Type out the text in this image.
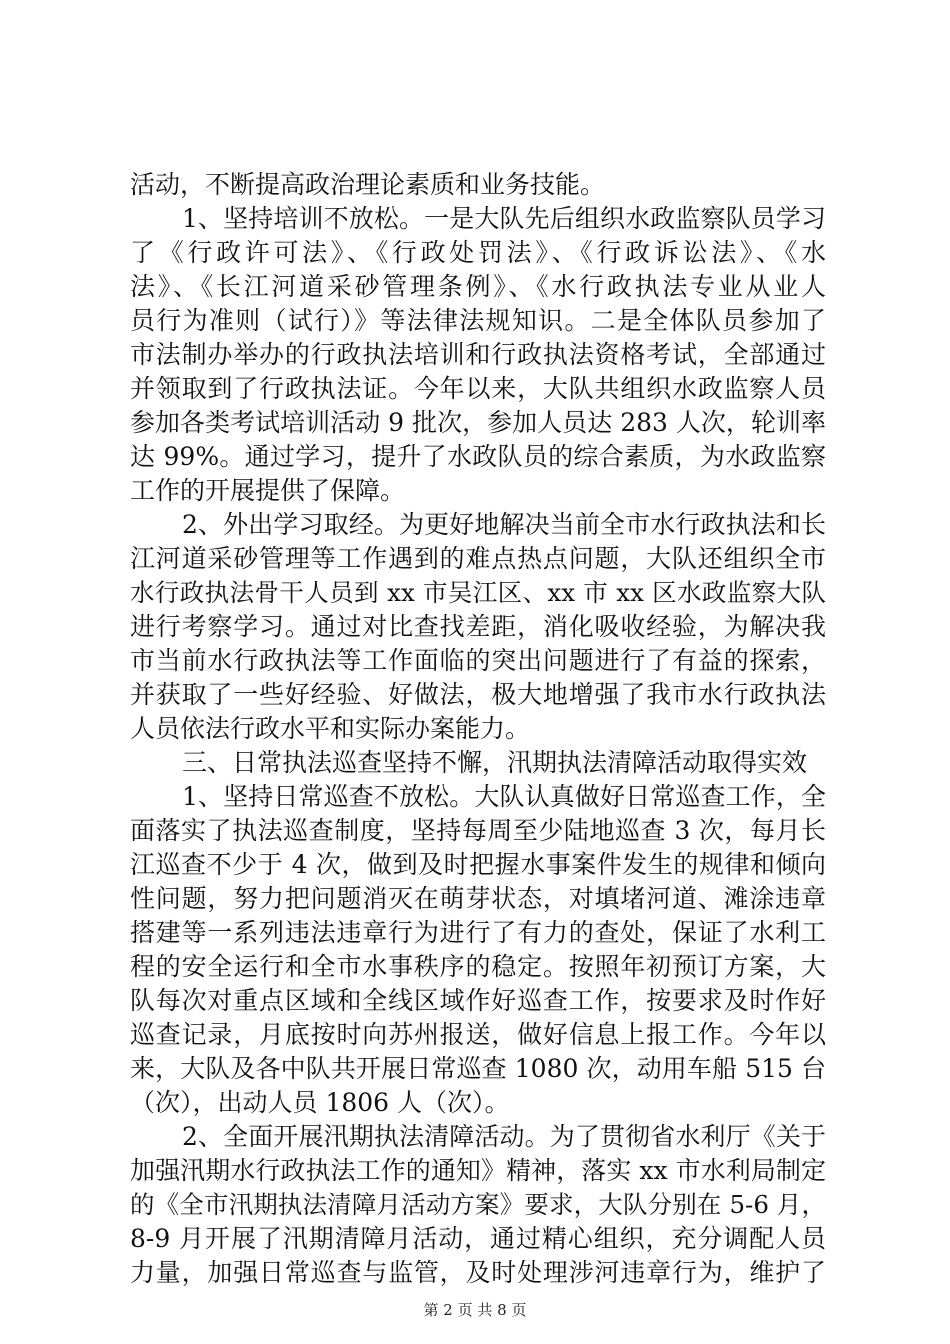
活动，不断提高政治理论素质和业务技能。
1、坚持培训不放松。一是大队先后组织水政监察队员学习
了《行政许可法》、《行政处罚法》、《行政诉讼法》、《水
法》、《长江河道采砂管理条例》、《水行政执法专业从业人
员行为准则（试行）》等法律法规知识。二是全体队员参加了
市法制办举办的行政执法培训和行政执法资格考试，全部通过
并领取到了行政执法证。今年以来，大队共组织水政监察人员
参加各类考试培训活动 9 批次，参加人员达 283 人次，轮训率
达 99%。通过学习，提升了水政队员的综合素质，为水政监察
工作的开展提供了保障。
2、外出学习取经。为更好地解决当前全市水行政执法和长
江河道采砂管理等工作遇到的难点热点问题，大队还组织全市
水行政执法骨干人员到 xx 市吴江区、xx 市 xx 区水政监察大队
进行考察学习。通过对比查找差距，消化吸收经验，为解决我
市当前水行政执法等工作面临的突出问题进行了有益的探索，
并获取了一些好经验、好做法，极大地增强了我市水行政执法
人员依法行政水平和实际办案能力。
三、日常执法巡查坚持不懈，汛期执法清障活动取得实效
1、坚持日常巡查不放松。大队认真做好日常巡查工作，全
面落实了执法巡查制度，坚持每周至少陆地巡查 3 次，每月长
江巡查不少于 4 次，做到及时把握水事案件发生的规律和倾向
性问题，努力把问题消灭在萌芽状态，对填堵河道、滩涂违章
搭建等一系列违法违章行为进行了有力的查处，保证了水利工
程的安全运行和全市水事秩序的稳定。按照年初预订方案，大
队每次对重点区域和全线区域作好巡查工作，按要求及时作好
巡查记录，月底按时向苏州报送，做好信息上报工作。今年以
来，大队及各中队共开展日常巡查 1080 次，动用车船 515 台
（次），出动人员 1806 人（次）。
2、全面开展汛期执法清障活动。为了贯彻省水利厅《关于
加强汛期水行政执法工作的通知》精神，落实 xx 市水利局制定
的《全市汛期执法清障月活动方案》要求，大队分别在 5-6 月，
8-9 月开展了汛期清障月活动，通过精心组织，充分调配人员
力量，加强日常巡查与监管，及时处理涉河违章行为，维护了
第 2 页 共 8 页
